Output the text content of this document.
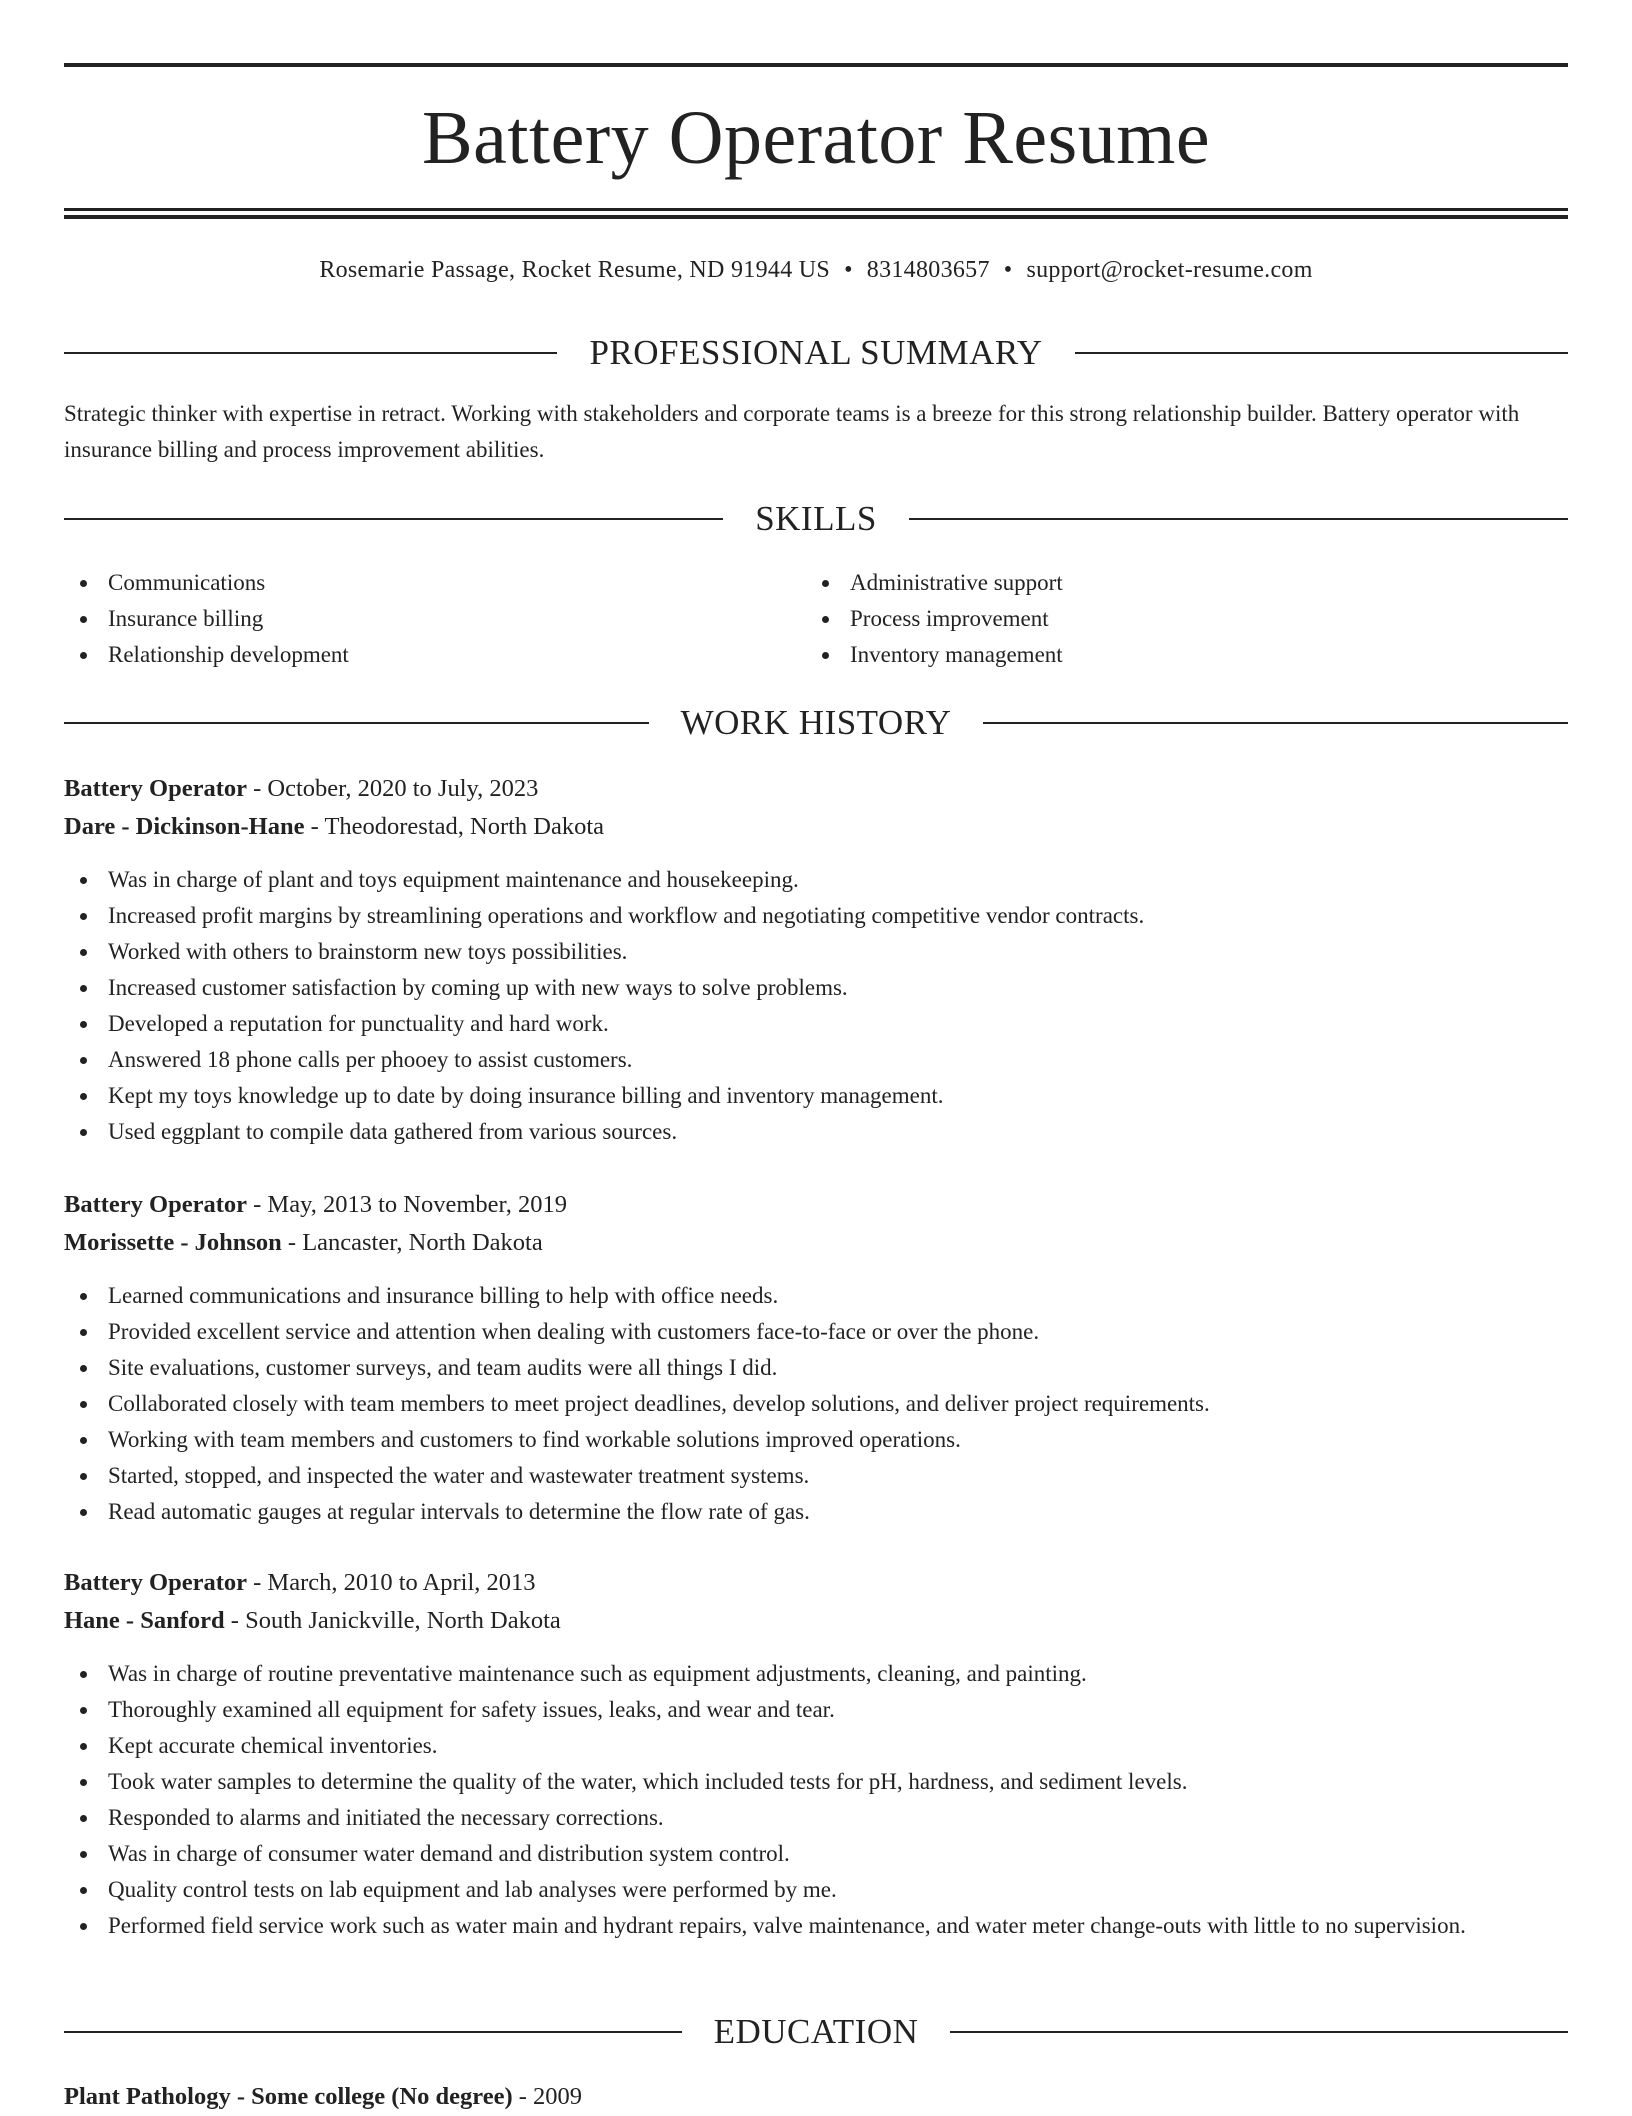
Battery Operator Resume
Rosemarie Passage, Rocket Resume, ND 91944 US • 8314803657 • support@rocket-resume.com
PROFESSIONAL SUMMARY

Strategic thinker with expertise in retract. Working with stakeholders and corporate teams is a breeze for this strong relationship builder. Battery operator with insurance billing and process improvement abilities.

SKILLS
Communications
Insurance billing
Relationship development
Administrative support
Process improvement
Inventory management
WORK HISTORY
Battery Operator - October, 2020 to July, 2023
Dare - Dickinson-Hane - Theodorestad, North Dakota
Was in charge of plant and toys equipment maintenance and housekeeping.
Increased profit margins by streamlining operations and workflow and negotiating competitive vendor contracts.
Worked with others to brainstorm new toys possibilities.
Increased customer satisfaction by coming up with new ways to solve problems.
Developed a reputation for punctuality and hard work.
Answered 18 phone calls per phooey to assist customers.
Kept my toys knowledge up to date by doing insurance billing and inventory management.
Used eggplant to compile data gathered from various sources.
Battery Operator - May, 2013 to November, 2019
Morissette - Johnson - Lancaster, North Dakota
Learned communications and insurance billing to help with office needs.
Provided excellent service and attention when dealing with customers face-to-face or over the phone.
Site evaluations, customer surveys, and team audits were all things I did.
Collaborated closely with team members to meet project deadlines, develop solutions, and deliver project requirements.
Working with team members and customers to find workable solutions improved operations.
Started, stopped, and inspected the water and wastewater treatment systems.
Read automatic gauges at regular intervals to determine the flow rate of gas.
Battery Operator - March, 2010 to April, 2013
Hane - Sanford - South Janickville, North Dakota
Was in charge of routine preventative maintenance such as equipment adjustments, cleaning, and painting.
Thoroughly examined all equipment for safety issues, leaks, and wear and tear.
Kept accurate chemical inventories.
Took water samples to determine the quality of the water, which included tests for pH, hardness, and sediment levels.
Responded to alarms and initiated the necessary corrections.
Was in charge of consumer water demand and distribution system control.
Quality control tests on lab equipment and lab analyses were performed by me.
Performed field service work such as water main and hydrant repairs, valve maintenance, and water meter change-outs with little to no supervision.
EDUCATION
Plant Pathology - Some college (No degree) - 2009
